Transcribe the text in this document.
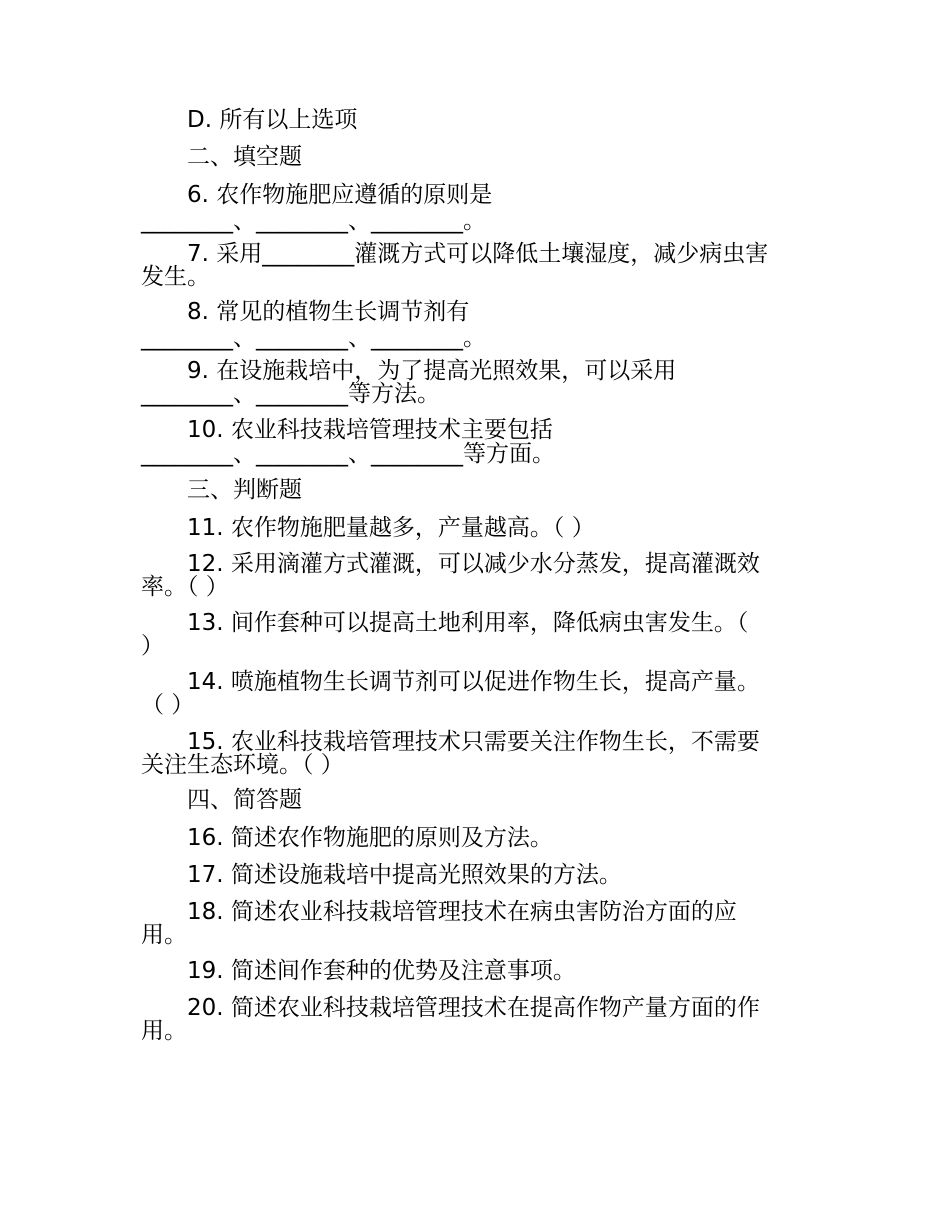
D. 所有以上选项
二、填空题
6. 农作物施肥应遵循的原则是
________、________、________。
7. 采用________灌溉方式可以降低土壤湿度，减少病虫害
发生。
8. 常见的植物生长调节剂有
________、________、________。
9. 在设施栽培中，为了提高光照效果，可以采用
________、________等方法。
10. 农业科技栽培管理技术主要包括
________、________、________等方面。
三、判断题
11. 农作物施肥量越多，产量越高。（ ）
12. 采用滴灌方式灌溉，可以减少水分蒸发，提高灌溉效
率。（ ）
13. 间作套种可以提高土地利用率，降低病虫害发生。（
）
14. 喷施植物生长调节剂可以促进作物生长，提高产量。
（ ）
15. 农业科技栽培管理技术只需要关注作物生长，不需要
关注生态环境。（ ）
四、简答题
16. 简述农作物施肥的原则及方法。
17. 简述设施栽培中提高光照效果的方法。
18. 简述农业科技栽培管理技术在病虫害防治方面的应
用。
19. 简述间作套种的优势及注意事项。
20. 简述农业科技栽培管理技术在提高作物产量方面的作
用。
